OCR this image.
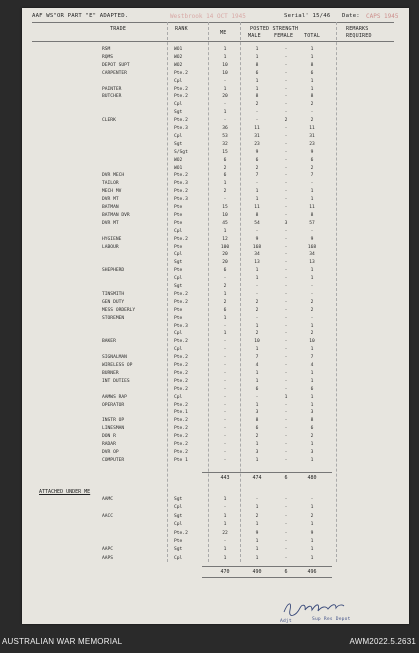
AAF WS"OR PART "E" ADAPTED.	Westbrook 14 OCT 1945	Serial' 15/46 Date: CAPS 1945
TRADE	RANK
ME
POSTED STRENGTH
MALE	FEMALE TOTAL
REMARKS REQUIRED
RSM	WO1	1	1	-	1
RQMS	WO2	1	1	-	1
DEPOT SUPT	WO2	10	8	-	8
CARPENTER	Pte.2	10	6	-	6
Cpl	-	1	-	1
PAINTER	Pte.2	1	1	-	1
BUTCHER	Pte.2	20	8	-	8
Cpl	-	2	-	2
Sgt	1	-	-	-
CLERK	Pte.2	-	-	2	2
Pte.3	36	11	-	11
Cpl	53	31	-	31
Sgt	32	23	-	23
S/Sgt	15	9	-	9
WO2	6	6	-	6
WO1	2	2	-	2
DVR MECH	Pte.2	6	7	-	7
TAILOR	Pte.3	1	-	-	-
MECH MV	Pte.2	2	1	-	1
DVR MT	Pte.3	-	1	-	1
BATMAN	Pte	15	11	-	11
BATMAN DVR	Pte	10	8	-	8
DVR MT	Pte	45	54	3	57
Cpl	1	-	-	-
HYGIENE	Pte.2	12	9	-	9
LABOUR	Pte	100	168	-	168
Cpl	20	34	-	34
Sgt	20	13	-	13
SHEPHERD	Pte	6	1	-	1
Cpl	-	1	-	1
Sgt	2	-	-	-
TINSMITH	Pte.2	1	-	-	-
GEN DUTY	Pte.2	2	2	-	2
MESS ORDERLY	Pte	6	2	-	2
STOREMEN	Pte	1	-	-	-
Pte.3	-	1	-	1
Cpl	1	2	-	2
BAKER	Pte.2	-	10	-	10
Cpl	-	1	-	1
SIGNALMAN	Pte.2	-	7	-	7
WIRELESS OP	Pte.2	-	4	-	4
BURNER	Pte.2	-	1	-	1
INT DUTIES	Pte.2	-	1	-	1
Pte.2	-	6	-	6
AAMWS RAP	Cpl	-	-	1	1
OPERATOR	Pte.2	-	1	-	1
Pte.1	-	3	-	3
INSTR OP	Pte.2	-	8	-	8
LINESMAN	Pte.2	-	6	-	6
DON R	Pte.2	-	2	-	2
RADAR	Pte.2	-	1	-	1
DVR OP	Pte.2	-	3	-	3
COMPUTER	Pte 1	-	1	-	1
443	474	6	480
ATTACHED UNDER ME
AAMC	Sgt	1	-	-	-
Cpl	-	1	-	1
AACC	Sgt	1	2	-	2
Cpl	1	1	-	1
Pte.2	22	9	-	9
Pte	-	1	-	1
AAPC	Sgt	1	1	-	1
AAPS	Cpl	1	1	-	1
470	490	6	496
Adjt	Sup Res Depot
AUSTRALIAN WAR MEMORIAL	AWM2022.5.2631
